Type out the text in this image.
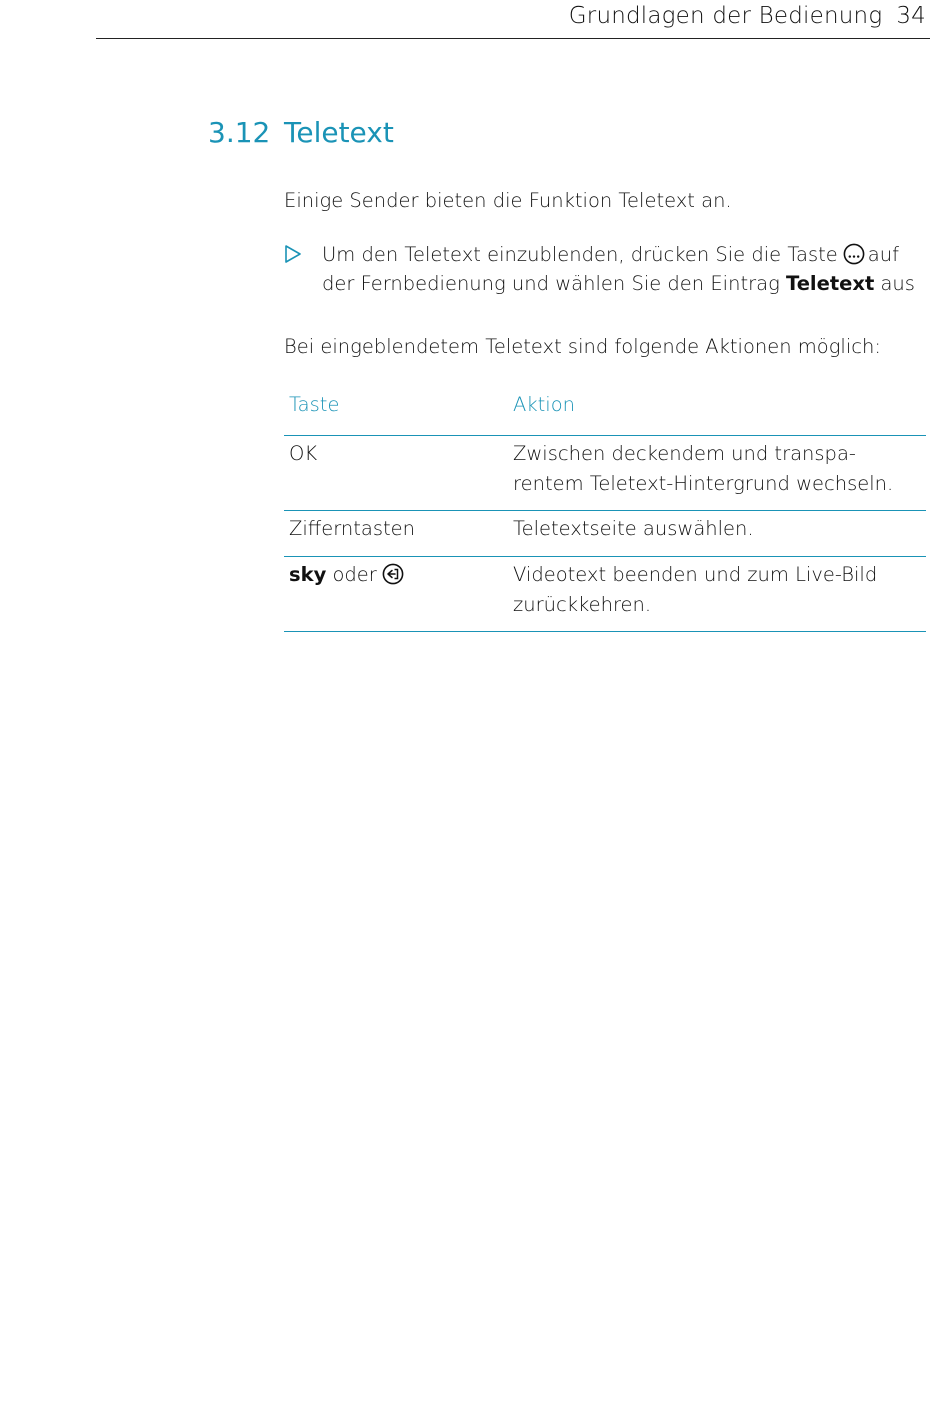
Grundlagen der Bedienung 34
3.12 Teletext
Einige Sender bieten die Funktion Teletext an.
Um den Teletext einzublenden, drücken Sie die Taste auf
der Fernbedienung und wählen Sie den Eintrag Teletext aus
Bei eingeblendetem Teletext sind folgende Aktionen möglich:
Taste	Aktion
OK	Zwischen deckendem und transpa-
rentem Teletext-Hintergrund wechseln.
Zifferntasten	Teletextseite auswählen.
sky oder	Videotext beenden und zum Live-Bild
zurückkehren.
